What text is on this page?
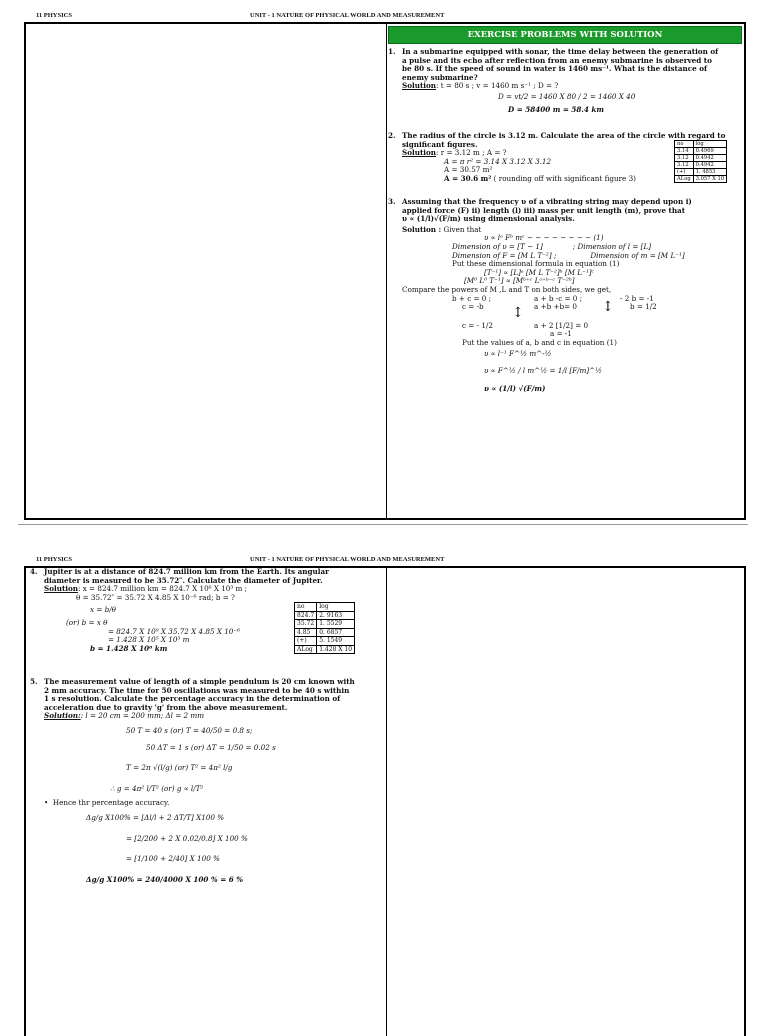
11 PHYSICS	UNIT - 1 NATURE OF PHYSICAL WORLD AND MEASUREMENT
EXERCISE PROBLEMS WITH SOLUTION
1. In a submarine equipped with sonar, the time delay between the generation of
a pulse and its echo after reflection from an enemy submarine is observed to
be 80 s. If the speed of sound in water is 1460 ms⁻¹. What is the distance of
enemy submarine?
Solution: t = 80 s ; v = 1460 m s⁻¹ ; D = ?
D = vt/2 = 1460 X 80 / 2 = 1460 X 40
D = 58400 m = 58.4 km
2. The radius of the circle is 3.12 m. Calculate the area of the circle with regard to
significant figures.
Solution: r = 3.12 m ; A = ?
A = π r² = 3.14 X 3.12 X 3.12
A = 30.57 m²
A = 30.6 m² ( rounding off with significant figure 3)
no	log
3.14	0.4969
3.12	0.4942
3.12	0.4942
(+)	1. 4853
ALog	3.057 X 10
3. Assuming that the frequency υ of a vibrating string may depend upon i)
applied force (F) ii) length (l) iii) mass per unit length (m), prove that
υ ∝ (1/l)√(F/m) using dimensional analysis.
Solution : Given that
υ ∝ lᵃ Fᵇ mᶜ − − − − − − − − (1)
Dimension of υ = [T − 1]	; Dimension of l = [L]
Dimension of F = [M L T⁻²] ;	Dimension of m = [M L⁻¹]
Put these dimensional formula in equation (1)
[T⁻¹] ∝ [L]ᵃ [M L T⁻²]ᵇ [M L⁻¹]ᶜ
[M⁰ L⁰ T⁻¹] ∝ [Mᵇ⁺ᶜ Lᵃ⁺ᵇ⁻ᶜ T⁻²ᵇ]
Compare the powers of M ,L and T on both sides, we get,
b + c = 0 ;
c = -b
c = - 1/2
↕
a + b -c = 0 ;
a +b +b= 0
a + 2 [1/2] = 0
a = -1
↕
- 2 b = -1
b = 1/2
Put the values of a, b and c in equation (1)
υ ∝ l⁻¹ F^½ m^-½
υ ∝ F^½ / l m^½ = 1/l [F/m]^½
υ ∝ (1/l) √(F/m)
11 PHYSICS	UNIT - 1 NATURE OF PHYSICAL WORLD AND MEASUREMENT
4. Jupiter is at a distance of 824.7 million km from the Earth. Its angular
diameter is measured to be 35.72″. Calculate the diameter of Jupiter.
Solution: x = 824.7 million km = 824.7 X 10⁶ X 10³ m ;
θ = 35.72″ = 35.72 X 4.85 X 10⁻⁶ rad; b = ?
x = b/θ
(or) b = x θ
= 824.7 X 10⁹ X 35.72 X 4.85 X 10⁻⁶
= 1.428 X 10⁵ X 10³ m
b = 1.428 X 10⁸ km
no	log
824.7	2. 9163
35.72	1. 5529
4.85	0. 6857
(+)	5. 1549
ALog	1.428 X 10
5. The measurement value of length of a simple pendulum is 20 cm known with
2 mm accuracy. The time for 50 oscillations was measured to be 40 s within
1 s resolution. Calculate the percentage accuracy in the determination of
acceleration due to gravity 'g' from the above measurement.
Solution:: l = 20 cm = 200 mm; Δl = 2 mm
50 T = 40 s (or) T = 40/50 = 0.8 s;
50 ΔT = 1 s (or) ΔT = 1/50 = 0.02 s
T = 2π √(l/g) (or) T² = 4π² l/g
∴ g = 4π² l/T² (or) g ∝ l/T²
•  Hence thr percentage accuracy.
Δg/g X100% = [Δl/l + 2 ΔT/T] X100 %
= [2/200 + 2 X 0.02/0.8] X 100 %
= [1/100 + 2/40] X 100 %
Δg/g X100% = 240/4000 X 100 % = 6 %
